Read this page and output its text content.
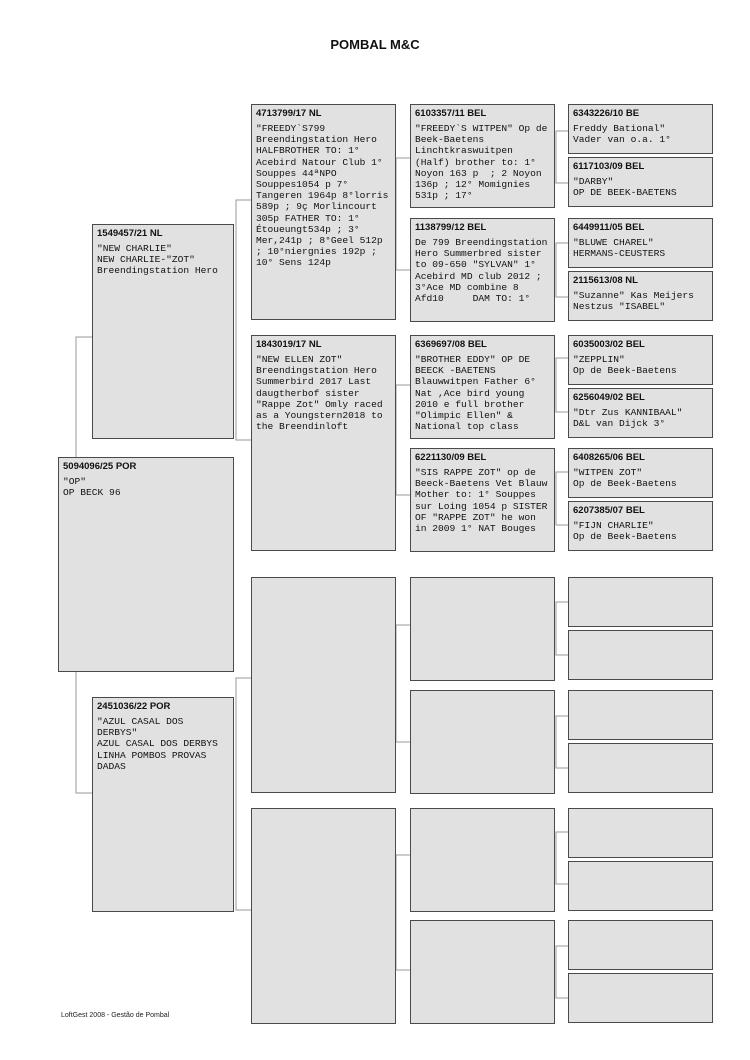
POMBAL M&C
5094096/25 POR
"OP"
OP BECK 96
1549457/21 NL
"NEW CHARLIE"
NEW CHARLIE-"ZOT"
Breendingstation Hero
2451036/22 POR
"AZUL CASAL DOS DERBYS"
AZUL CASAL DOS DERBYS
LINHA POMBOS PROVAS DADAS
4713799/17 NL
"FREEDY`S799 Breendingstation Hero HALFBROTHER TO: 1° Acebird Natour Club 1° Souppes 44ªNPO Souppes1054 p 7° Tangeren 1964p 8°lorris 589p ; 9ç Morlincourt 305p FATHER TO: 1° Étoueungt534p ; 3° Mer,241p ; 8°Geel 512p ; 10°niergnies 192p ; 10° Sens 124p
1843019/17 NL
"NEW ELLEN ZOT" Breendingstation Hero Summerbird 2017 Last daugtherbof sister "Rappe Zot" Omly raced as a Youngstern2018 to the Breendinloft
6103357/11 BEL
"FREEDY`S WITPEN" Op de Beek-Baetens Linchtkraswuitpen (Half) brother to: 1° Noyon 163 p  ; 2 Noyon 136p ; 12° Momignies 531p ; 17°
1138799/12 BEL
De 799 Breendingstation Hero Summerbred sister to 09-650 "SYLVAN" 1° Acebird MD club 2012 ; 3°Ace MD combine 8 Afd10     DAM TO: 1°
6369697/08 BEL
"BROTHER EDDY" OP DE BEECK -BAETENS Blauwwitpen Father 6° Nat ,Ace bird young 2010 e full brother "Olimpic Ellen" & National top class
6221130/09 BEL
"SIS RAPPE ZOT" op de Beeck-Baetens Vet Blauw Mother to: 1° Souppes sur Loing 1054 p SISTER OF "RAPPE ZOT" he won in 2009 1° NAT Bouges
6343226/10 BE
Freddy Bational"
Vader van o.a. 1°
6117103/09 BEL
"DARBY"
OP DE BEEK-BAETENS
6449911/05 BEL
"BLUWE CHAREL"
HERMANS-CEUSTERS
2115613/08 NL
"Suzanne" Kas Meijers Nestzus "ISABEL"
6035003/02 BEL
"ZEPPLIN"
Op de Beek-Baetens
6256049/02 BEL
"Dtr Zus KANNIBAAL"
D&L van Dijck 3°
6408265/06 BEL
"WITPEN ZOT"
Op de Beek-Baetens
6207385/07 BEL
"FIJN CHARLIE"
Op de Beek-Baetens
LoftGest 2008 - Gestão de Pombal
